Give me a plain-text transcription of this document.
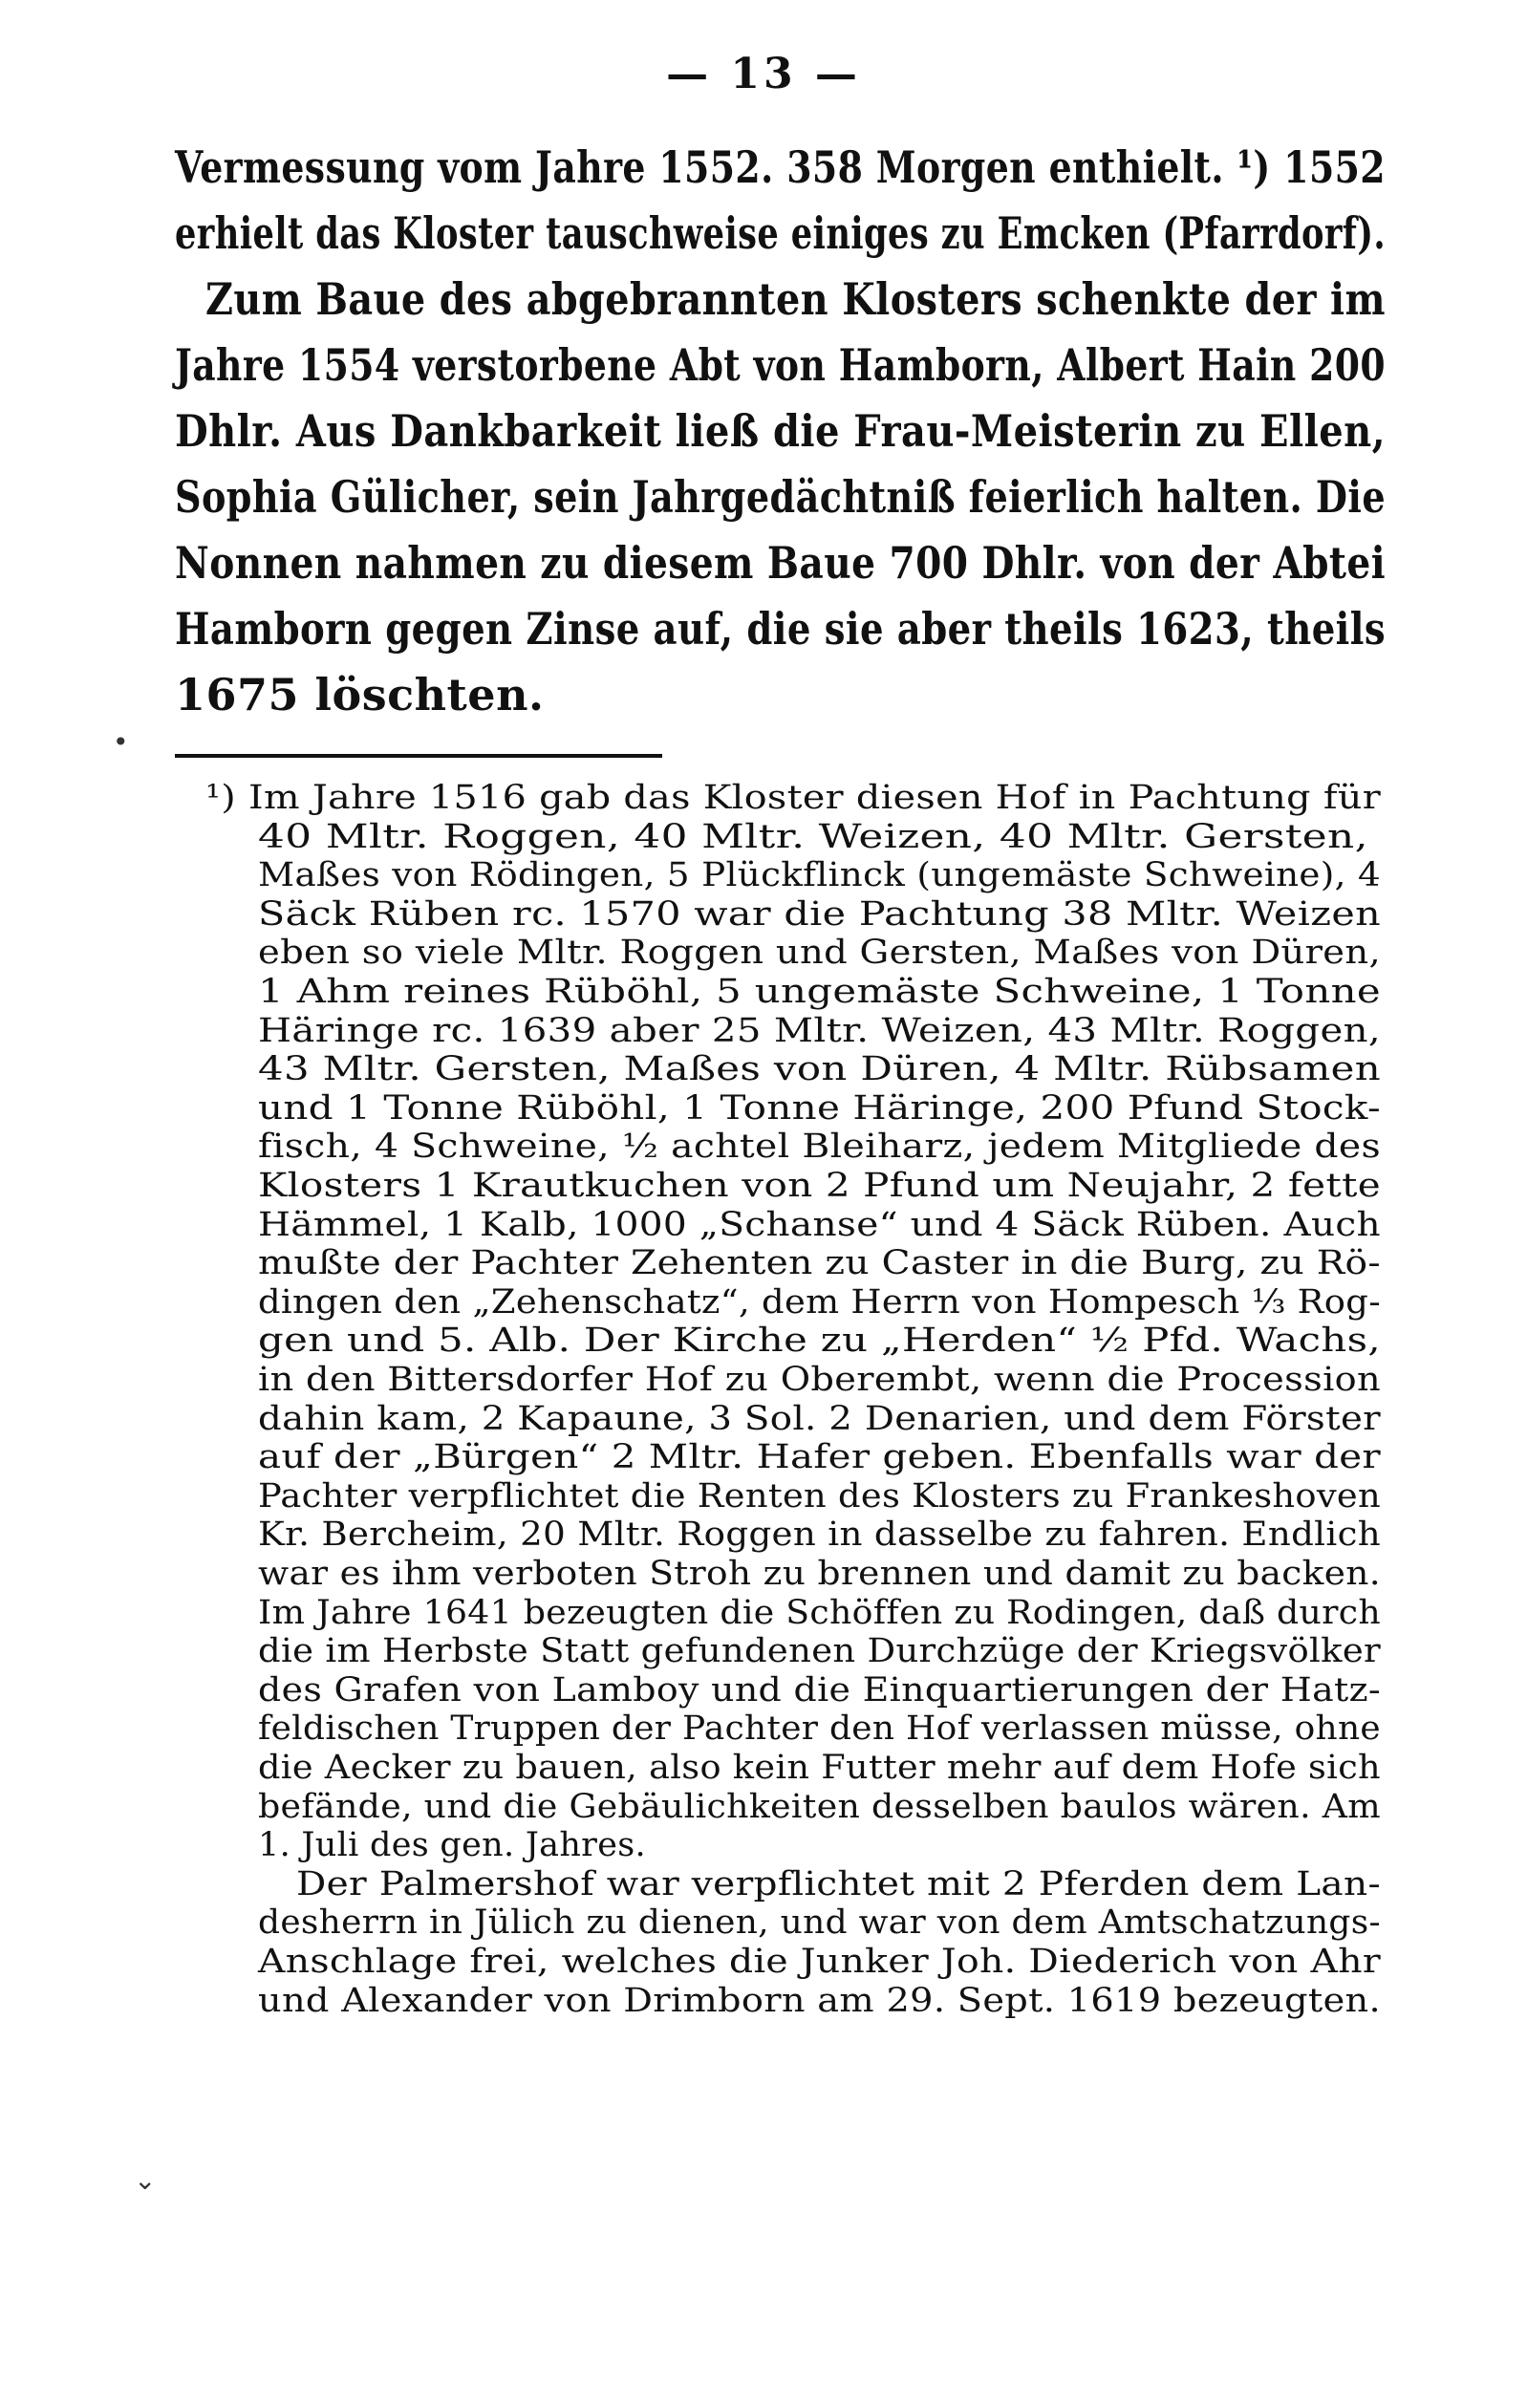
— 13 —
Vermessung vom Jahre 1552. 358 Morgen enthielt. ¹) 1552
erhielt das Kloster tauschweise einiges zu Emcken (Pfarrdorf).
Zum Baue des abgebrannten Klosters schenkte der im
Jahre 1554 verstorbene Abt von Hamborn, Albert Hain 200
Dhlr. Aus Dankbarkeit ließ die Frau-Meisterin zu Ellen,
Sophia Gülicher, sein Jahrgedächtniß feierlich halten. Die
Nonnen nahmen zu diesem Baue 700 Dhlr. von der Abtei
Hamborn gegen Zinse auf, die sie aber theils 1623, theils
1675 löschten.
¹) Im Jahre 1516 gab das Kloster diesen Hof in Pachtung für
40 Mltr. Roggen, 40 Mltr. Weizen, 40 Mltr. Gersten,
Maßes von Rödingen, 5 Plückflinck (ungemäste Schweine), 4
Säck Rüben rc. 1570 war die Pachtung 38 Mltr. Weizen
eben so viele Mltr. Roggen und Gersten, Maßes von Düren,
1 Ahm reines Rüböhl, 5 ungemäste Schweine, 1 Tonne
Häringe rc. 1639 aber 25 Mltr. Weizen, 43 Mltr. Roggen,
43 Mltr. Gersten, Maßes von Düren, 4 Mltr. Rübsamen
und 1 Tonne Rüböhl, 1 Tonne Häringe, 200 Pfund Stock-
fisch, 4 Schweine, ½ achtel Bleiharz, jedem Mitgliede des
Klosters 1 Krautkuchen von 2 Pfund um Neujahr, 2 fette
Hämmel, 1 Kalb, 1000 „Schanse“ und 4 Säck Rüben. Auch
mußte der Pachter Zehenten zu Caster in die Burg, zu Rö-
dingen den „Zehenschatz“, dem Herrn von Hompesch ⅓ Rog-
gen und 5. Alb. Der Kirche zu „Herden“ ½ Pfd. Wachs,
in den Bittersdorfer Hof zu Oberembt, wenn die Procession
dahin kam, 2 Kapaune, 3 Sol. 2 Denarien, und dem Förster
auf der „Bürgen“ 2 Mltr. Hafer geben. Ebenfalls war der
Pachter verpflichtet die Renten des Klosters zu Frankeshoven
Kr. Bercheim, 20 Mltr. Roggen in dasselbe zu fahren. Endlich
war es ihm verboten Stroh zu brennen und damit zu backen.
Im Jahre 1641 bezeugten die Schöffen zu Rodingen, daß durch
die im Herbste Statt gefundenen Durchzüge der Kriegsvölker
des Grafen von Lamboy und die Einquartierungen der Hatz-
feldischen Truppen der Pachter den Hof verlassen müsse, ohne
die Aecker zu bauen, also kein Futter mehr auf dem Hofe sich
befände, und die Gebäulichkeiten desselben baulos wären. Am
1. Juli des gen. Jahres.
Der Palmershof war verpflichtet mit 2 Pferden dem Lan-
desherrn in Jülich zu dienen, und war von dem Amtschatzungs-
Anschlage frei, welches die Junker Joh. Diederich von Ahr
und Alexander von Drimborn am 29. Sept. 1619 bezeugten.
•
⌄
